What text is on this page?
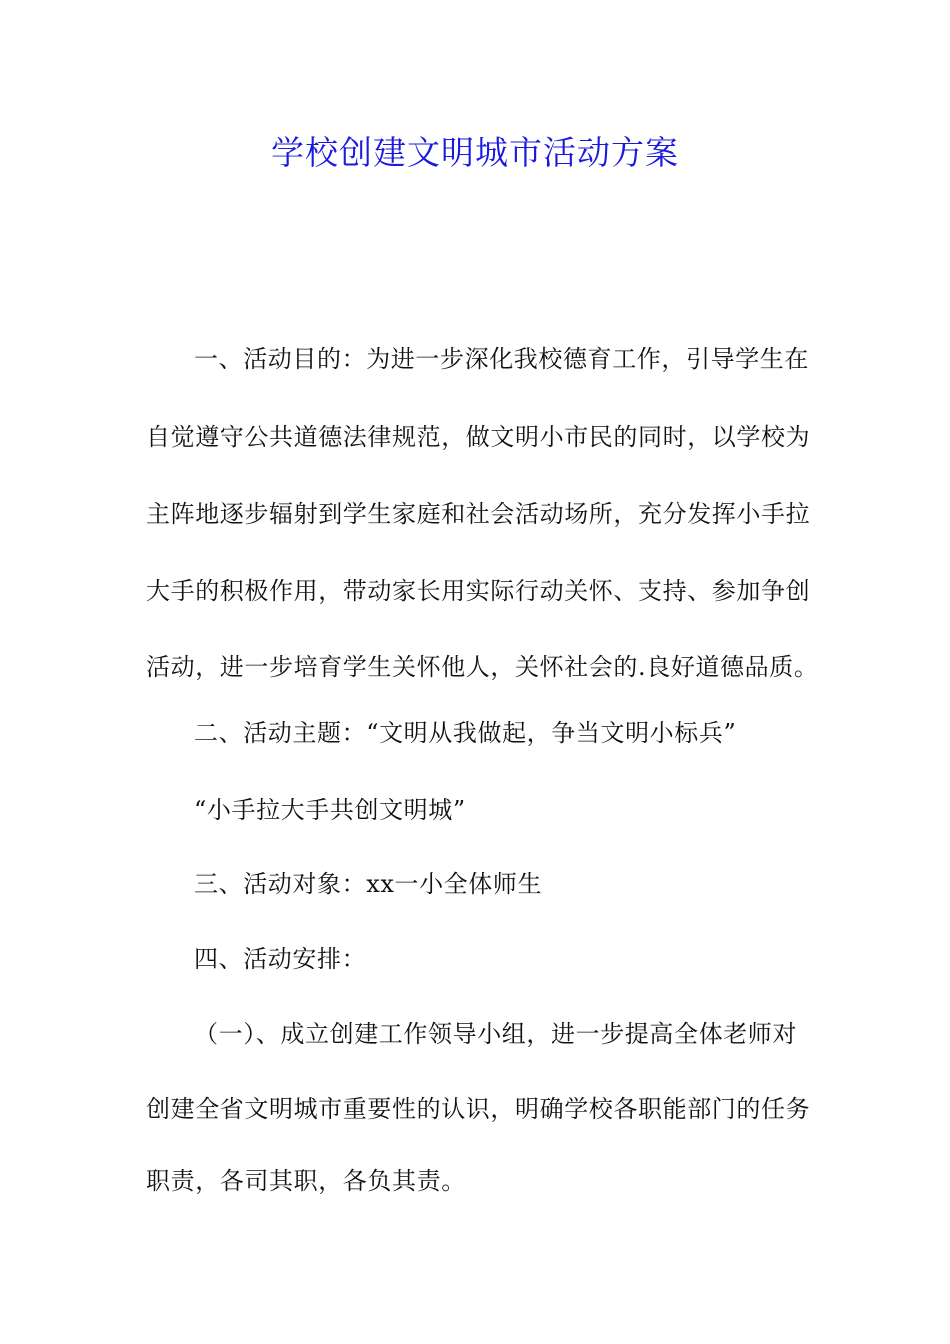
学校创建文明城市活动方案
一、活动目的：为进一步深化我校德育工作，引导学生在
自觉遵守公共道德法律规范，做文明小市民的同时，以学校为
主阵地逐步辐射到学生家庭和社会活动场所，充分发挥小手拉
大手的积极作用，带动家长用实际行动关怀、支持、参加争创
活动，进一步培育学生关怀他人，关怀社会的.良好道德品质。
二、活动主题：“文明从我做起，争当文明小标兵”
“小手拉大手共创文明城”
三、活动对象：xx一小全体师生
四、活动安排：
（一）、成立创建工作领导小组，进一步提高全体老师对
创建全省文明城市重要性的认识，明确学校各职能部门的任务
职责，各司其职，各负其责。
